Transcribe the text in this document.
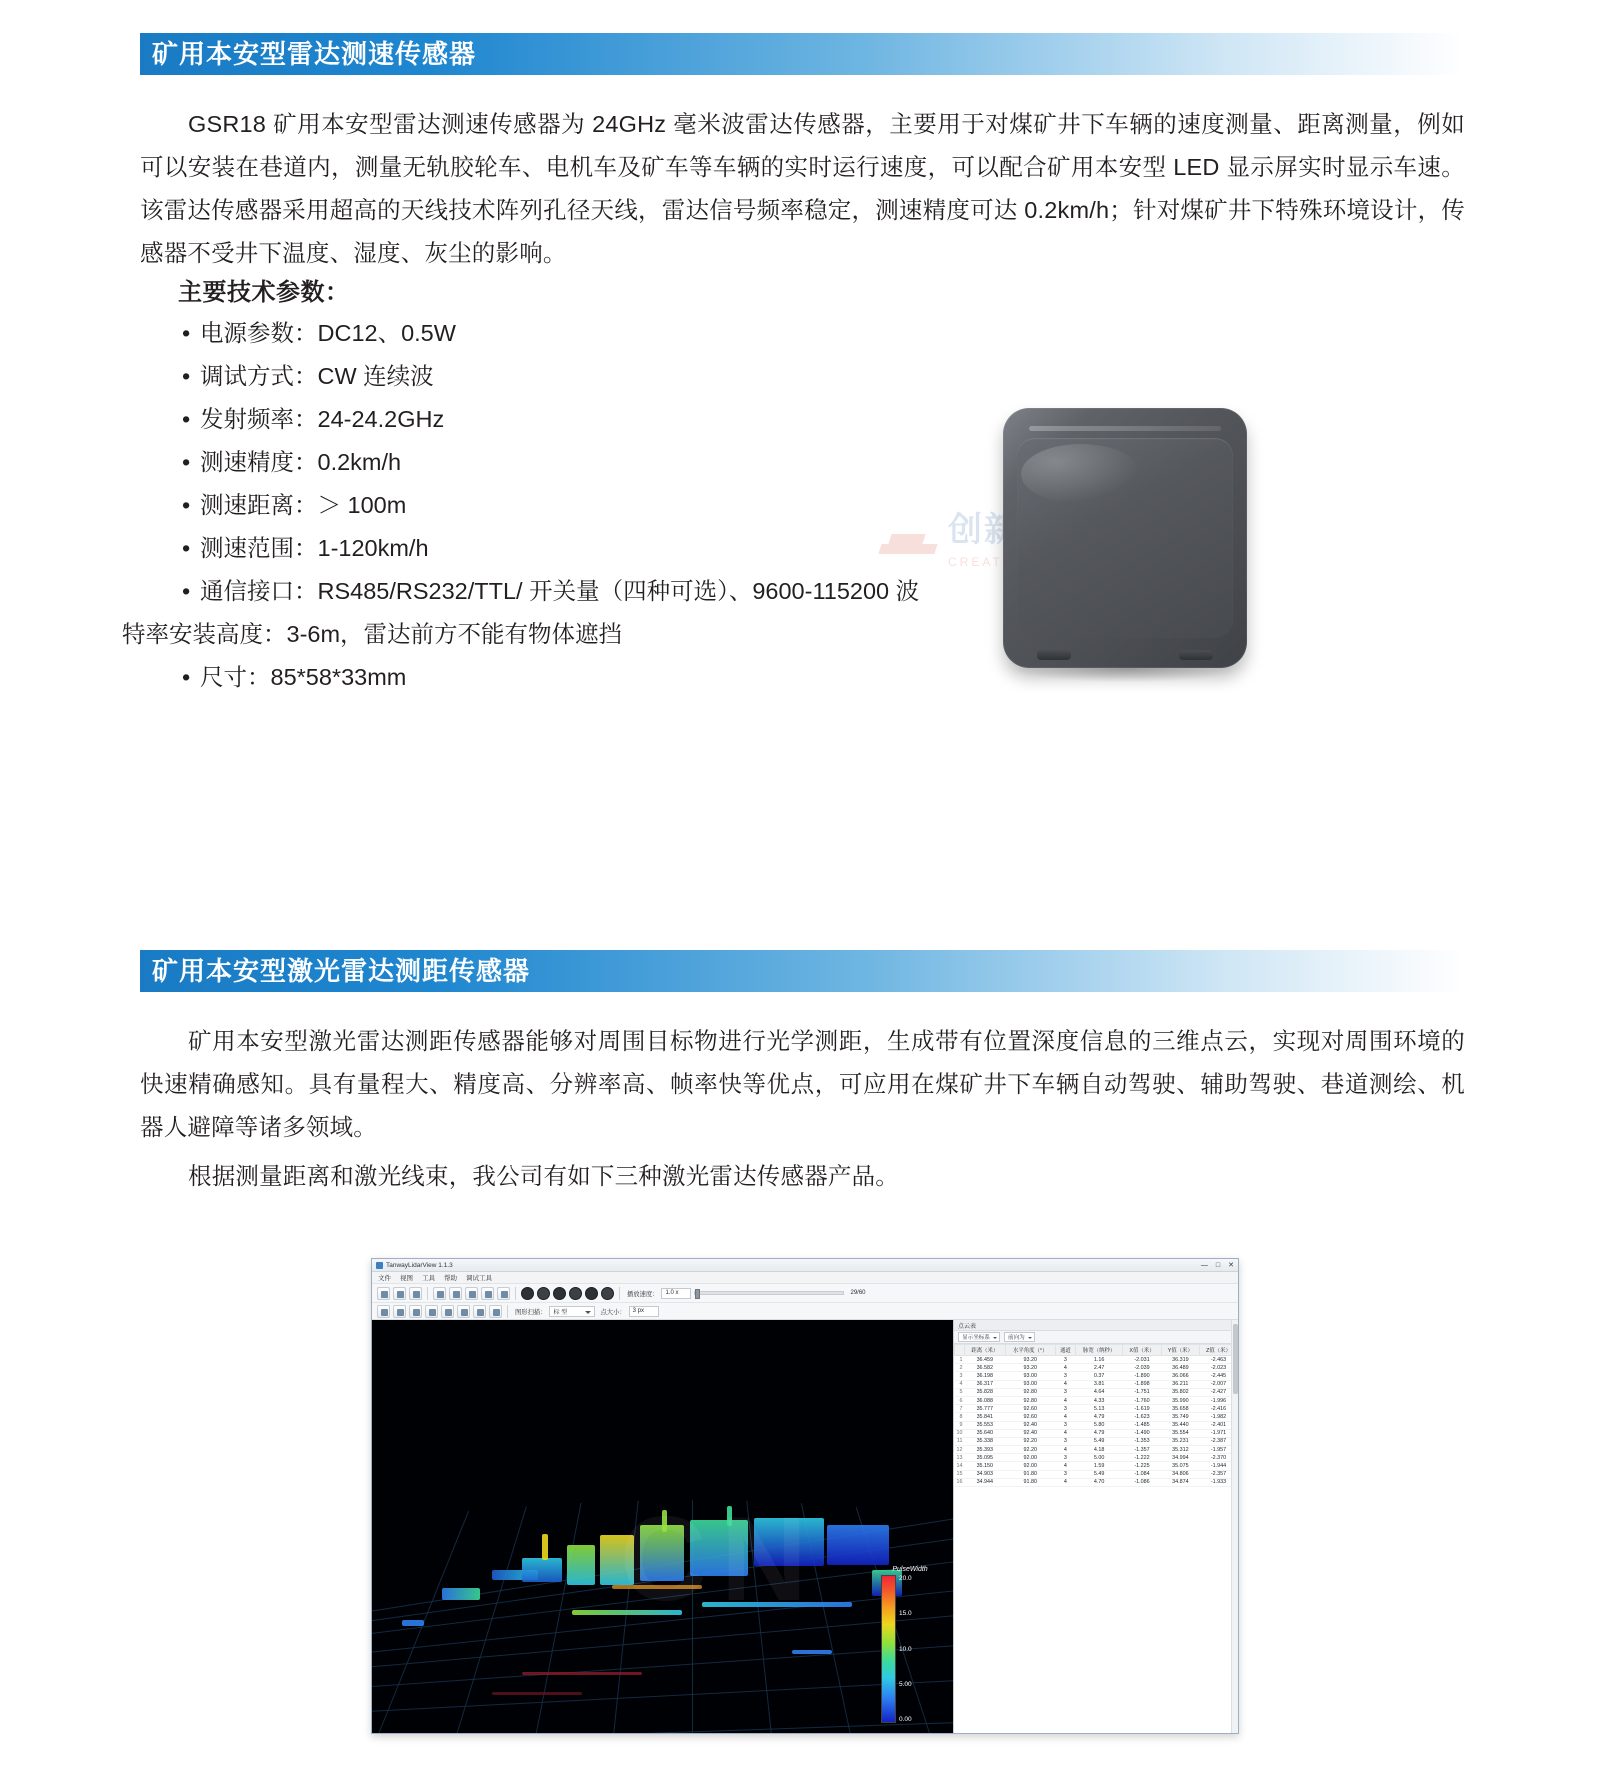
矿用本安型雷达测速传感器
GSR18 矿用本安型雷达测速传感器为 24GHz 毫米波雷达传感器，主要用于对煤矿井下车辆的速度测量、距离测量，例如可以安装在巷道内，测量无轨胶轮车、电机车及矿车等车辆的实时运行速度，可以配合矿用本安型 LED 显示屏实时显示车速。该雷达传感器采用超高的天线技术阵列孔径天线，雷达信号频率稳定，测速精度可达 0.2km/h；针对煤矿井下特殊环境设计，传感器不受井下温度、湿度、灰尘的影响。
主要技术参数：
• 电源参数：DC12、0.5W
• 调试方式：CW 连续波
• 发射频率：24-24.2GHz
• 测速精度：0.2km/h
• 测速距离：＞ 100m
• 测速范围：1-120km/h
• 通信接口：RS485/RS232/TTL/ 开关量（四种可选）、9600-115200 波
特率安装高度：3-6m，雷达前方不能有物体遮挡
• 尺寸：85*58*33mm
CREATION
矿用本安型激光雷达测距传感器
矿用本安型激光雷达测距传感器能够对周围目标物进行光学测距，生成带有位置深度信息的三维点云，实现对周围环境的快速精确感知。具有量程大、精度高、分辨率高、帧率快等优点，可应用在煤矿井下车辆自动驾驶、辅助驾驶、巷道测绘、机器人避障等诸多领域。
根据测量距离和激光线束，我公司有如下三种激光雷达传感器产品。
TanwayLidarView 1.1.3	— □ ✕
文件 视图 工具 帮助 调试工具
播放速度：	1.0 x	29/60
图形扫描：	标 型	点大小：	3 px
PulseWidth
20.0
15.0
10.0
5.00
0.00
点云表
显示坐标系	前向为
	距离（米）	水平角度（°）	通道	脉宽（纳秒）	X值（米）	Y值（米）	Z值（米）
1	36.459	93.20	3	1.16	-2.031	36.319	-2.463
2	36.582	93.20	4	2.47	-2.039	36.489	-2.023
3	36.198	93.00	3	0.37	-1.890	36.066	-2.445
4	36.317	93.00	4	3.81	-1.898	36.211	-2.007
5	35.828	92.80	3	4.64	-1.751	35.802	-2.427
6	36.088	92.80	4	4.33	-1.760	35.990	-1.996
7	35.777	92.60	3	5.13	-1.619	35.658	-2.416
8	35.841	92.60	4	4.79	-1.623	35.749	-1.982
9	35.553	92.40	3	5.80	-1.485	35.440	-2.401
10	35.640	92.40	4	4.79	-1.490	35.554	-1.971
11	35.338	92.20	3	5.49	-1.353	35.231	-2.387
12	35.393	92.20	4	4.18	-1.357	35.312	-1.957
13	35.095	92.00	3	5.00	-1.222	34.994	-2.370
14	35.150	92.00	4	1.59	-1.225	35.075	-1.944
15	34.903	91.80	3	5.49	-1.084	34.806	-2.357
16	34.944	91.80	4	4.70	-1.086	34.874	-1.933
